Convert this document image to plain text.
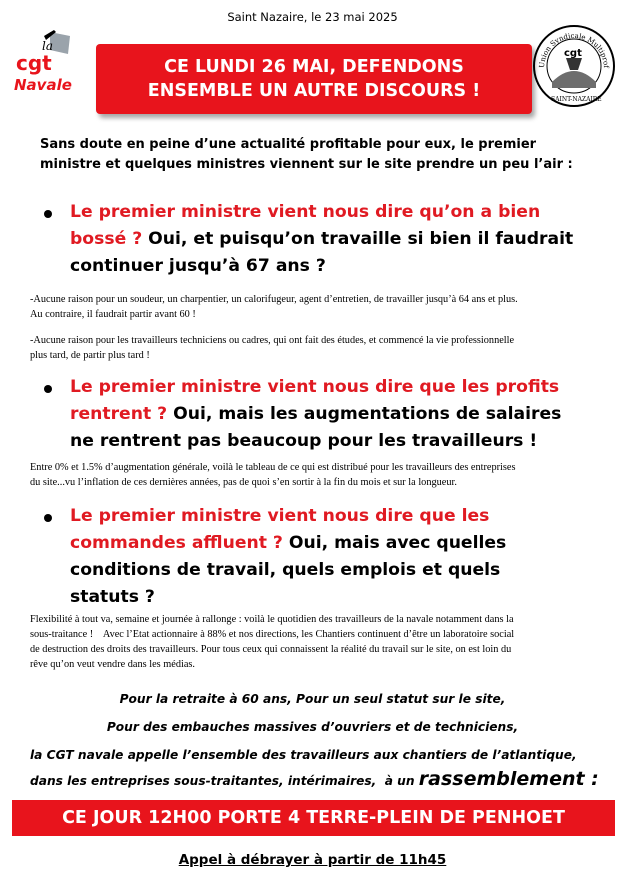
Saint Nazaire, le 23 mai 2025
la
cgt
Navale
Union Syndicale Multiprof
cgt
SAINT-NAZAIRE
CE LUNDI 26 MAI, DEFENDONS
ENSEMBLE UN AUTRE DISCOURS !
Sans doute en peine d’une actualité profitable pour eux, le premier
ministre et quelques ministres viennent sur le site prendre un peu l’air :
Le premier ministre vient nous dire qu’on a bien
bossé ? Oui, et puisqu’on travaille si bien il faudrait
continuer jusqu’à 67 ans ?
-Aucune raison pour un soudeur, un charpentier, un calorifugeur, agent d’entretien, de travailler jusqu’à 64 ans et plus.
Au contraire, il faudrait partir avant 60 !
-Aucune raison pour les travailleurs techniciens ou cadres, qui ont fait des études, et commencé la vie professionnelle
plus tard, de partir plus tard !
Le premier ministre vient nous dire que les profits
rentrent ? Oui, mais les augmentations de salaires
ne rentrent pas beaucoup pour les travailleurs !
Entre 0% et 1.5% d’augmentation générale, voilà le tableau de ce qui est distribué pour les travailleurs des entreprises
du site...vu l’inflation de ces dernières années, pas de quoi s’en sortir à la fin du mois et sur la longueur.
Le premier ministre vient nous dire que les
commandes affluent ? Oui, mais avec quelles
conditions de travail, quels emplois et quels
statuts ?
Flexibilité à tout va, semaine et journée à rallonge : voilà le quotidien des travailleurs de la navale notamment dans la
sous-traitance !    Avec l’Etat actionnaire à 88% et nos directions, les Chantiers continuent d’être un laboratoire social
de destruction des droits des travailleurs. Pour tous ceux qui connaissent la réalité du travail sur le site, on est loin du
rêve qu’on veut vendre dans les médias.
Pour la retraite à 60 ans, Pour un seul statut sur le site,
Pour des embauches massives d’ouvriers et de techniciens,
la CGT navale appelle l’ensemble des travailleurs aux chantiers de l’atlantique,
dans les entreprises sous-traitantes, intérimaires,  à un rassemblement :
CE JOUR 12H00 PORTE 4 TERRE-PLEIN DE PENHOET
Appel à débrayer à partir de 11h45
